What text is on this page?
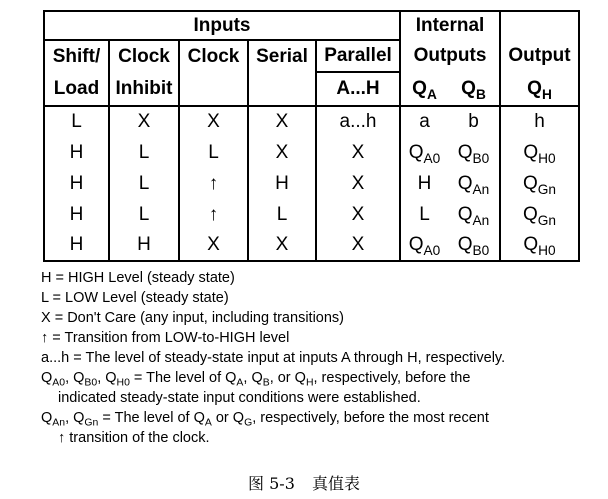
Inputs					Internal		
Shift/	Clock	Clock	Serial	Parallel	Outputs		Output
Load	Inhibit			A...H	$Q_A$	$Q_B$	$Q_H$
L	X	X	X	a...h	a	b	h
H	L	L	X	X	$Q_{A0}$	$Q_{B0}$	$Q_{H0}$
H	L	↑	H	X	H	$Q_{An}$	$Q_{Gn}$
H	L	↑	L	X	L	$Q_{An}$	$Q_{Gn}$
H	H	X	X	X	$Q_{A0}$	$Q_{B0}$	$Q_{H0}$
H = HIGH Level (steady state)
L = LOW Level (steady state)
X = Don't Care (any input, including transitions)
↑ = Transition from LOW-to-HIGH level
a...h = The level of steady-state input at inputs A through H, respectively.
$Q_{A0}$, $Q_{B0}$, $Q_{H0}$ = The level of $Q_A$, $Q_B$, or $Q_H$, respectively, before the
indicated steady-state input conditions were established.
$Q_{An}$, $Q_{Gn}$ = The level of $Q_A$ or $Q_G$, respectively, before the most recent
↑ transition of the clock.
图 5-3 真值表
